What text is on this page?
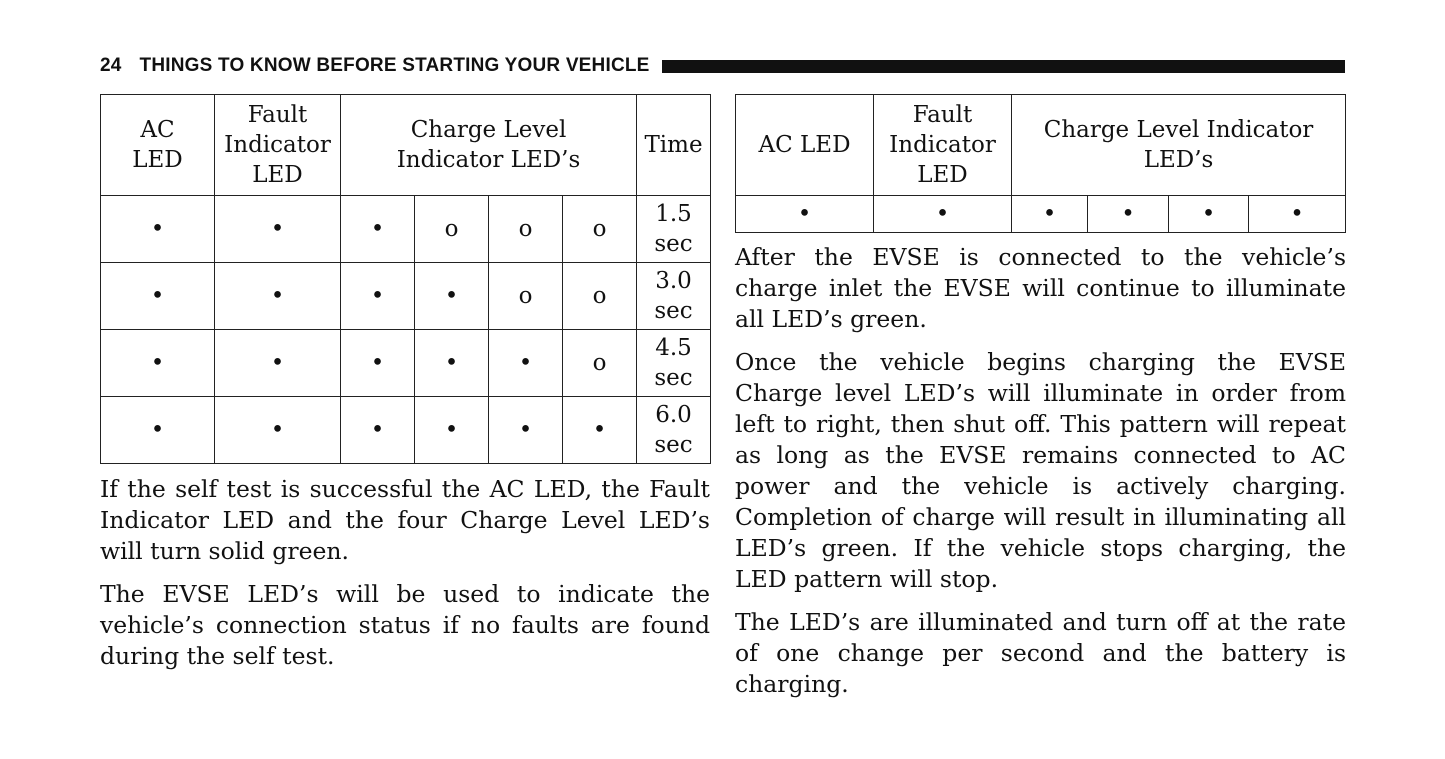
24 THINGS TO KNOW BEFORE STARTING YOUR VEHICLE
AC LED	Fault Indicator LED	Charge Level Indicator LED’s				Time
•	•	•	o	o	o	1.5 sec
•	•	•	•	o	o	3.0 sec
•	•	•	•	•	o	4.5 sec
•	•	•	•	•	•	6.0 sec
AC LED	Fault Indicator LED	Charge Level Indicator LED’s			
•	•	•	•	•	•

If the self test is successful the AC LED, the Fault Indicator LED and the four Charge Level LED’s will turn solid green.

The EVSE LED’s will be used to indicate the vehicle’s connection status if no faults are found during the self test.

After the EVSE is connected to the vehicle’s charge inlet the EVSE will continue to illuminate all LED’s green.

Once the vehicle begins charging the EVSE Charge level LED’s will illuminate in order from left to right, then shut off. This pattern will repeat as long as the EVSE remains connected to AC power and the vehicle is actively charging. Completion of charge will result in illuminating all LED’s green. If the vehicle stops charging, the LED pattern will stop.

The LED’s are illuminated and turn off at the rate of one change per second and the battery is charging.
